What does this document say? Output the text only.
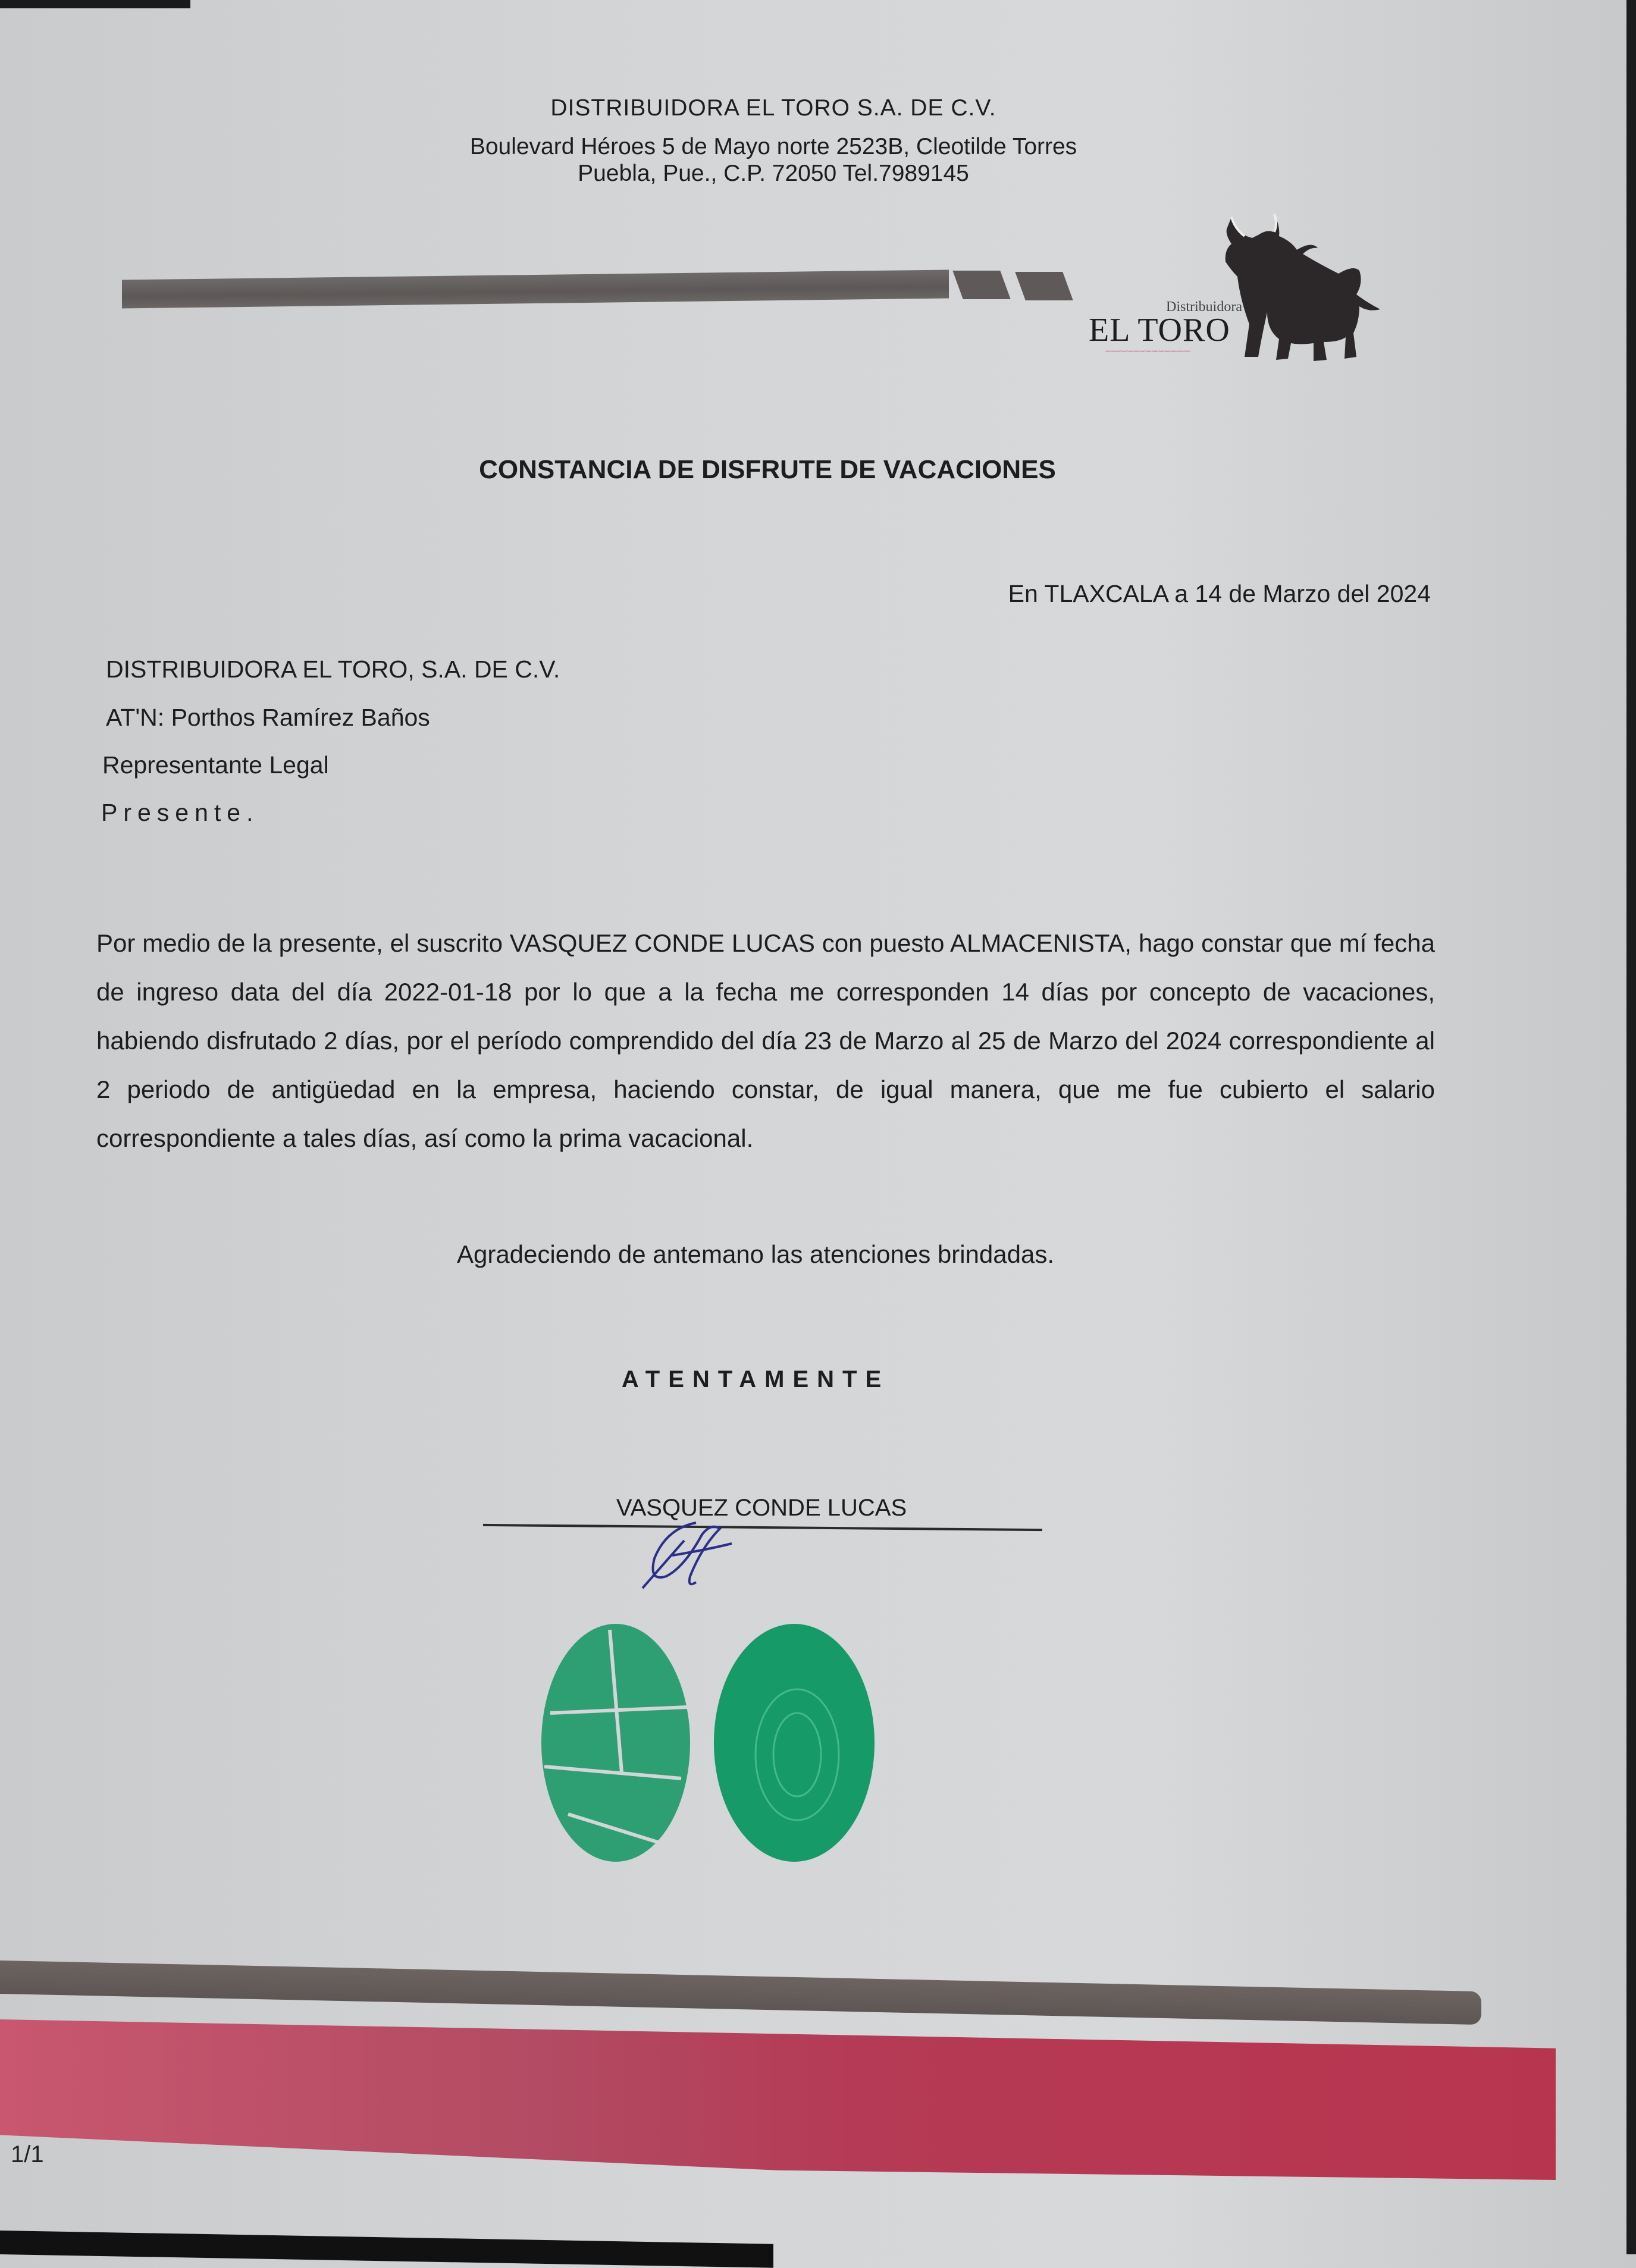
DISTRIBUIDORA EL TORO S.A. DE C.V.
Boulevard Héroes 5 de Mayo norte 2523B, Cleotilde Torres
Puebla, Pue., C.P. 72050 Tel.7989145
Distribuidora
EL TORO
~~~~~~~~~~~~~~~~~~~~~~~~
CONSTANCIA DE DISFRUTE DE VACACIONES
En TLAXCALA a 14 de Marzo del 2024
DISTRIBUIDORA EL TORO, S.A. DE C.V.
AT'N: Porthos Ramírez Baños
Representante Legal
Presente.
Por medio de la presente, el suscrito VASQUEZ CONDE LUCAS con puesto ALMACENISTA, hago constar que mí fecha de ingreso data del día 2022-01-18 por lo que a la fecha me corresponden 14 días por concepto de vacaciones, habiendo disfrutado 2 días, por el período comprendido del día 23 de Marzo al 25 de Marzo del 2024 correspondiente al 2 periodo de antigüedad en la empresa, haciendo constar, de igual manera, que me fue cubierto el salario correspondiente a tales días, así como la prima vacacional.
Agradeciendo de antemano las atenciones brindadas.
ATENTAMENTE
VASQUEZ CONDE LUCAS
1/1
